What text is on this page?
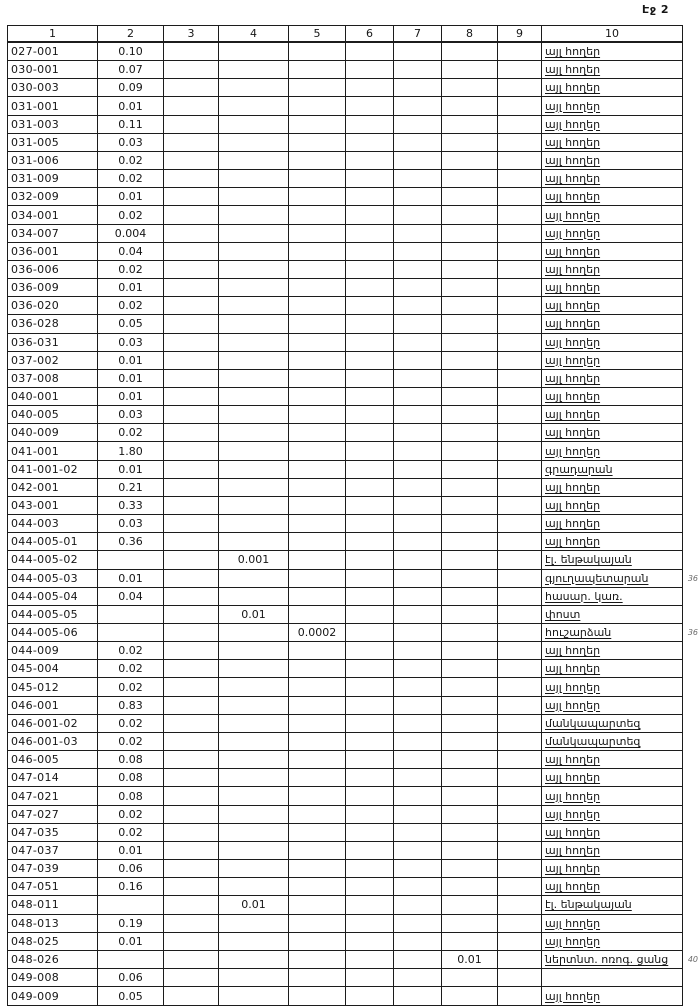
Էջ 2
1	2	3	4	5	6	7	8	9	10
027-001	0.10								այլ հողեր
030-001	0.07								այլ հողեր
030-003	0.09								այլ հողեր
031-001	0.01								այլ հողեր
031-003	0.11								այլ հողեր
031-005	0.03								այլ հողեր
031-006	0.02								այլ հողեր
031-009	0.02								այլ հողեր
032-009	0.01								այլ հողեր
034-001	0.02								այլ հողեր
034-007	0.004								այլ հողեր
036-001	0.04								այլ հողեր
036-006	0.02								այլ հողեր
036-009	0.01								այլ հողեր
036-020	0.02								այլ հողեր
036-028	0.05								այլ հողեր
036-031	0.03								այլ հողեր
037-002	0.01								այլ հողեր
037-008	0.01								այլ հողեր
040-001	0.01								այլ հողեր
040-005	0.03								այլ հողեր
040-009	0.02								այլ հողեր
041-001	1.80								այլ հողեր
041-001-02	0.01								գրադարան
042-001	0.21								այլ հողեր
043-001	0.33								այլ հողեր
044-003	0.03								այլ հողեր
044-005-01	0.36								այլ հողեր
044-005-02			0.001						էլ. ենթակայան
044-005-03	0.01								գյուղապետարան 36

044-005-04	0.04								հասար. կառ.
044-005-05			0.01						փոստ
044-005-06				0.0002					հուշարձան 36

044-009	0.02								այլ հողեր
045-004	0.02								այլ հողեր
045-012	0.02								այլ հողեր
046-001	0.83								այլ հողեր
046-001-02	0.02								մանկապարտեզ
046-001-03	0.02								մանկապարտեզ
046-005	0.08								այլ հողեր
047-014	0.08								այլ հողեր
047-021	0.08								այլ հողեր
047-027	0.02								այլ հողեր
047-035	0.02								այլ հողեր
047-037	0.01								այլ հողեր
047-039	0.06								այլ հողեր
047-051	0.16								այլ հողեր
048-011			0.01						էլ. ենթակայան
048-013	0.19								այլ հողեր
048-025	0.01								այլ հողեր
048-026							0.01		ներտնտ. ոռոգ. ցանց 40

049-008	0.06								
049-009	0.05								այլ հողեր
